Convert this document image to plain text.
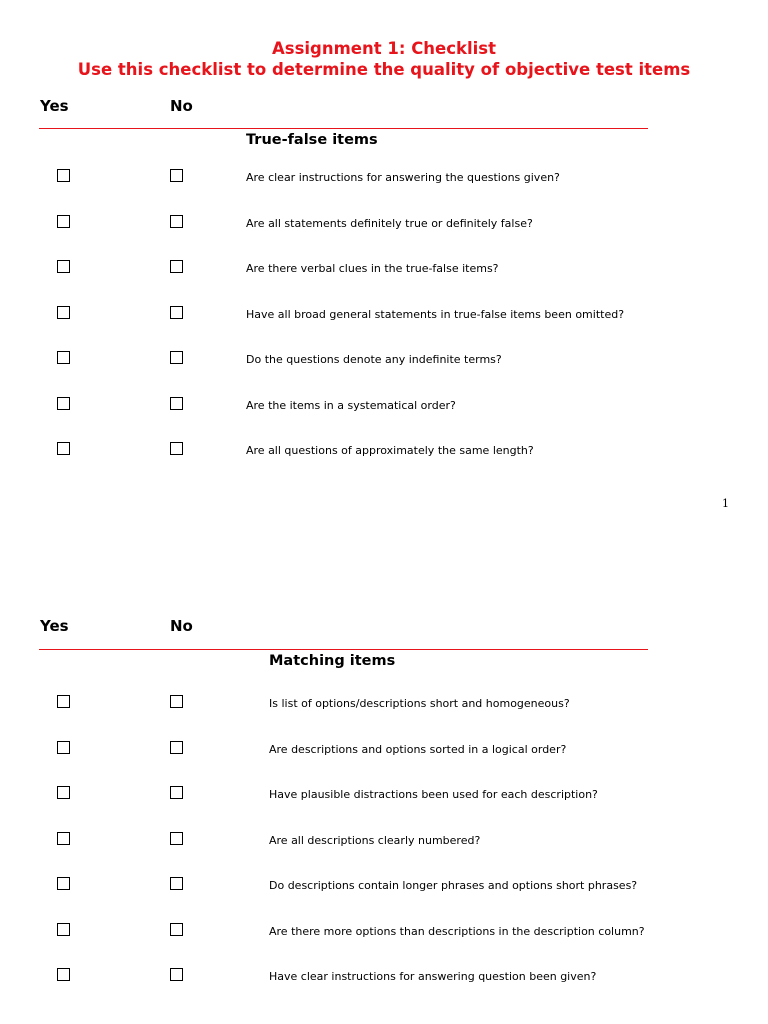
Assignment 1: Checklist
Use this checklist to determine the quality of objective test items
Yes	No
True-false items
Are clear instructions for answering the questions given?
Are all statements definitely true or definitely false?
Are there verbal clues in the true-false items?
Have all broad general statements in true-false items been omitted?
Do the questions denote any indefinite terms?
Are the items in a systematical order?
Are all questions of approximately the same length?
1
Yes	No
Matching items
Is list of options/descriptions short and homogeneous?
Are descriptions and options sorted in a logical order?
Have plausible distractions been used for each description?
Are all descriptions clearly numbered?
Do descriptions contain longer phrases and options short phrases?
Are there more options than descriptions in the description column?
Have clear instructions for answering question been given?
